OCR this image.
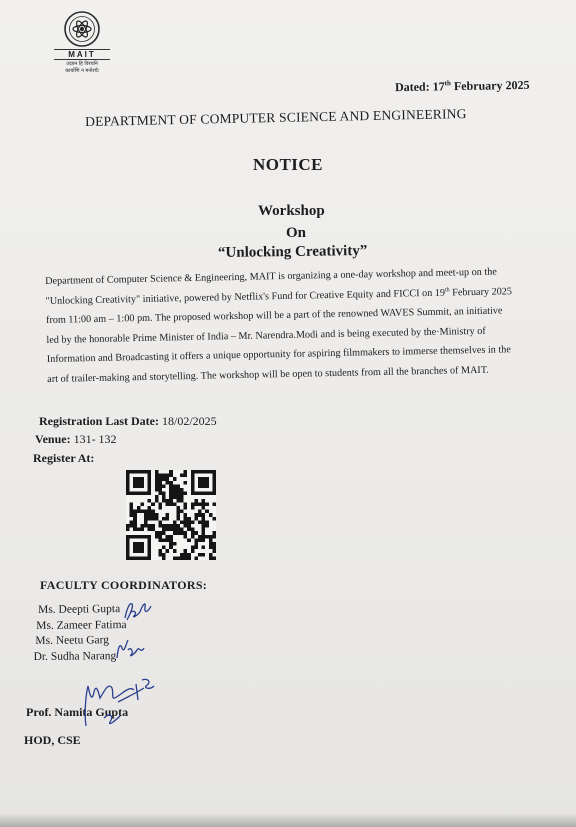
MAIT
उदयन हि विरचनि
कार्याणि न मनोरथैः
Dated: 17th February 2025
DEPARTMENT OF COMPUTER SCIENCE AND ENGINEERING
NOTICE
Workshop
On
“Unlocking Creativity”
Department of Computer Science & Engineering, MAIT is organizing a one-day workshop and meet-up on the
"Unlocking Creativity" initiative, powered by Netflix's Fund for Creative Equity and FICCI on 19th February 2025
from 11:00 am – 1:00 pm. The proposed workshop will be a part of the renowned WAVES Summit, an initiative
led by the honorable Prime Minister of India – Mr. Narendra.Modi and is being executed by the·Ministry of
Information and Broadcasting it offers a unique opportunity for aspiring filmmakers to immerse themselves in the
art of trailer-making and storytelling. The workshop will be open to students from all the branches of MAIT.
Registration Last Date: 18/02/2025
Venue: 131- 132
Register At:
FACULTY COORDINATORS:
Ms. Deepti Gupta
Ms. Zameer Fatima
Ms. Neetu Garg
Dr. Sudha Narang
Prof. Namita Gupta
HOD, CSE
